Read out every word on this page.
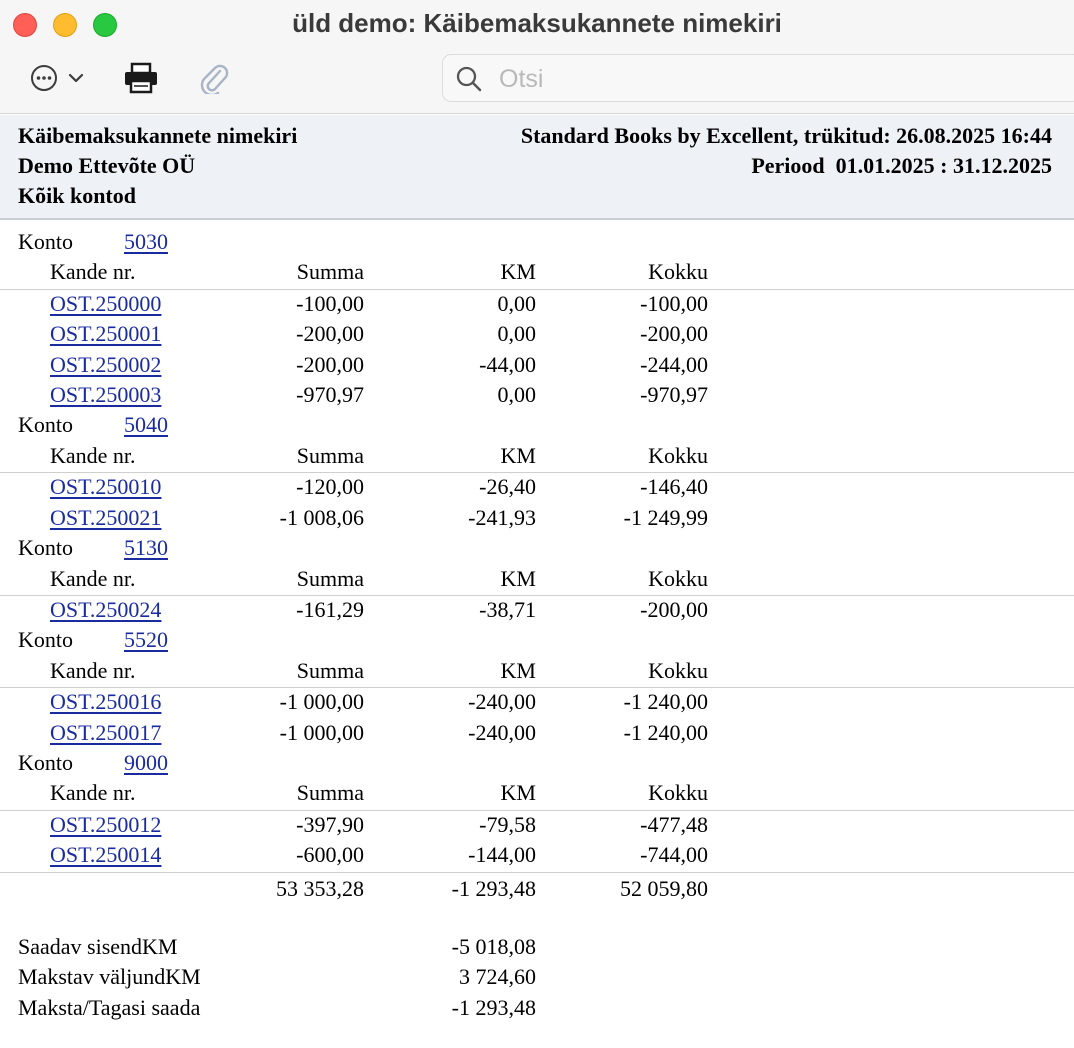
üld demo: Käibemaksukannete nimekiri
Otsi
Käibemaksukannete nimekiri
Demo Ettevõte OÜ
Kõik kontod
Standard Books by Excellent, trükitud: 26.08.2025 16:44
Periood  01.01.2025 : 31.12.2025
Konto 5030
Kande nr.	Summa	KM	Kokku
OST.250000	-100,00	0,00	-100,00
OST.250001	-200,00	0,00	-200,00
OST.250002	-200,00	-44,00	-244,00
OST.250003	-970,97	0,00	-970,97
Konto 5040
Kande nr.	Summa	KM	Kokku
OST.250010	-120,00	-26,40	-146,40
OST.250021	-1 008,06	-241,93	-1 249,99
Konto 5130
Kande nr.	Summa	KM	Kokku
OST.250024	-161,29	-38,71	-200,00
Konto 5520
Kande nr.	Summa	KM	Kokku
OST.250016	-1 000,00	-240,00	-1 240,00
OST.250017	-1 000,00	-240,00	-1 240,00
Konto 9000
Kande nr.	Summa	KM	Kokku
OST.250012	-397,90	-79,58	-477,48
OST.250014	-600,00	-144,00	-744,00
53 353,28	-1 293,48	52 059,80
Saadav sisendKM	-5 018,08
Makstav väljundKM	3 724,60
Maksta/Tagasi saada	-1 293,48
